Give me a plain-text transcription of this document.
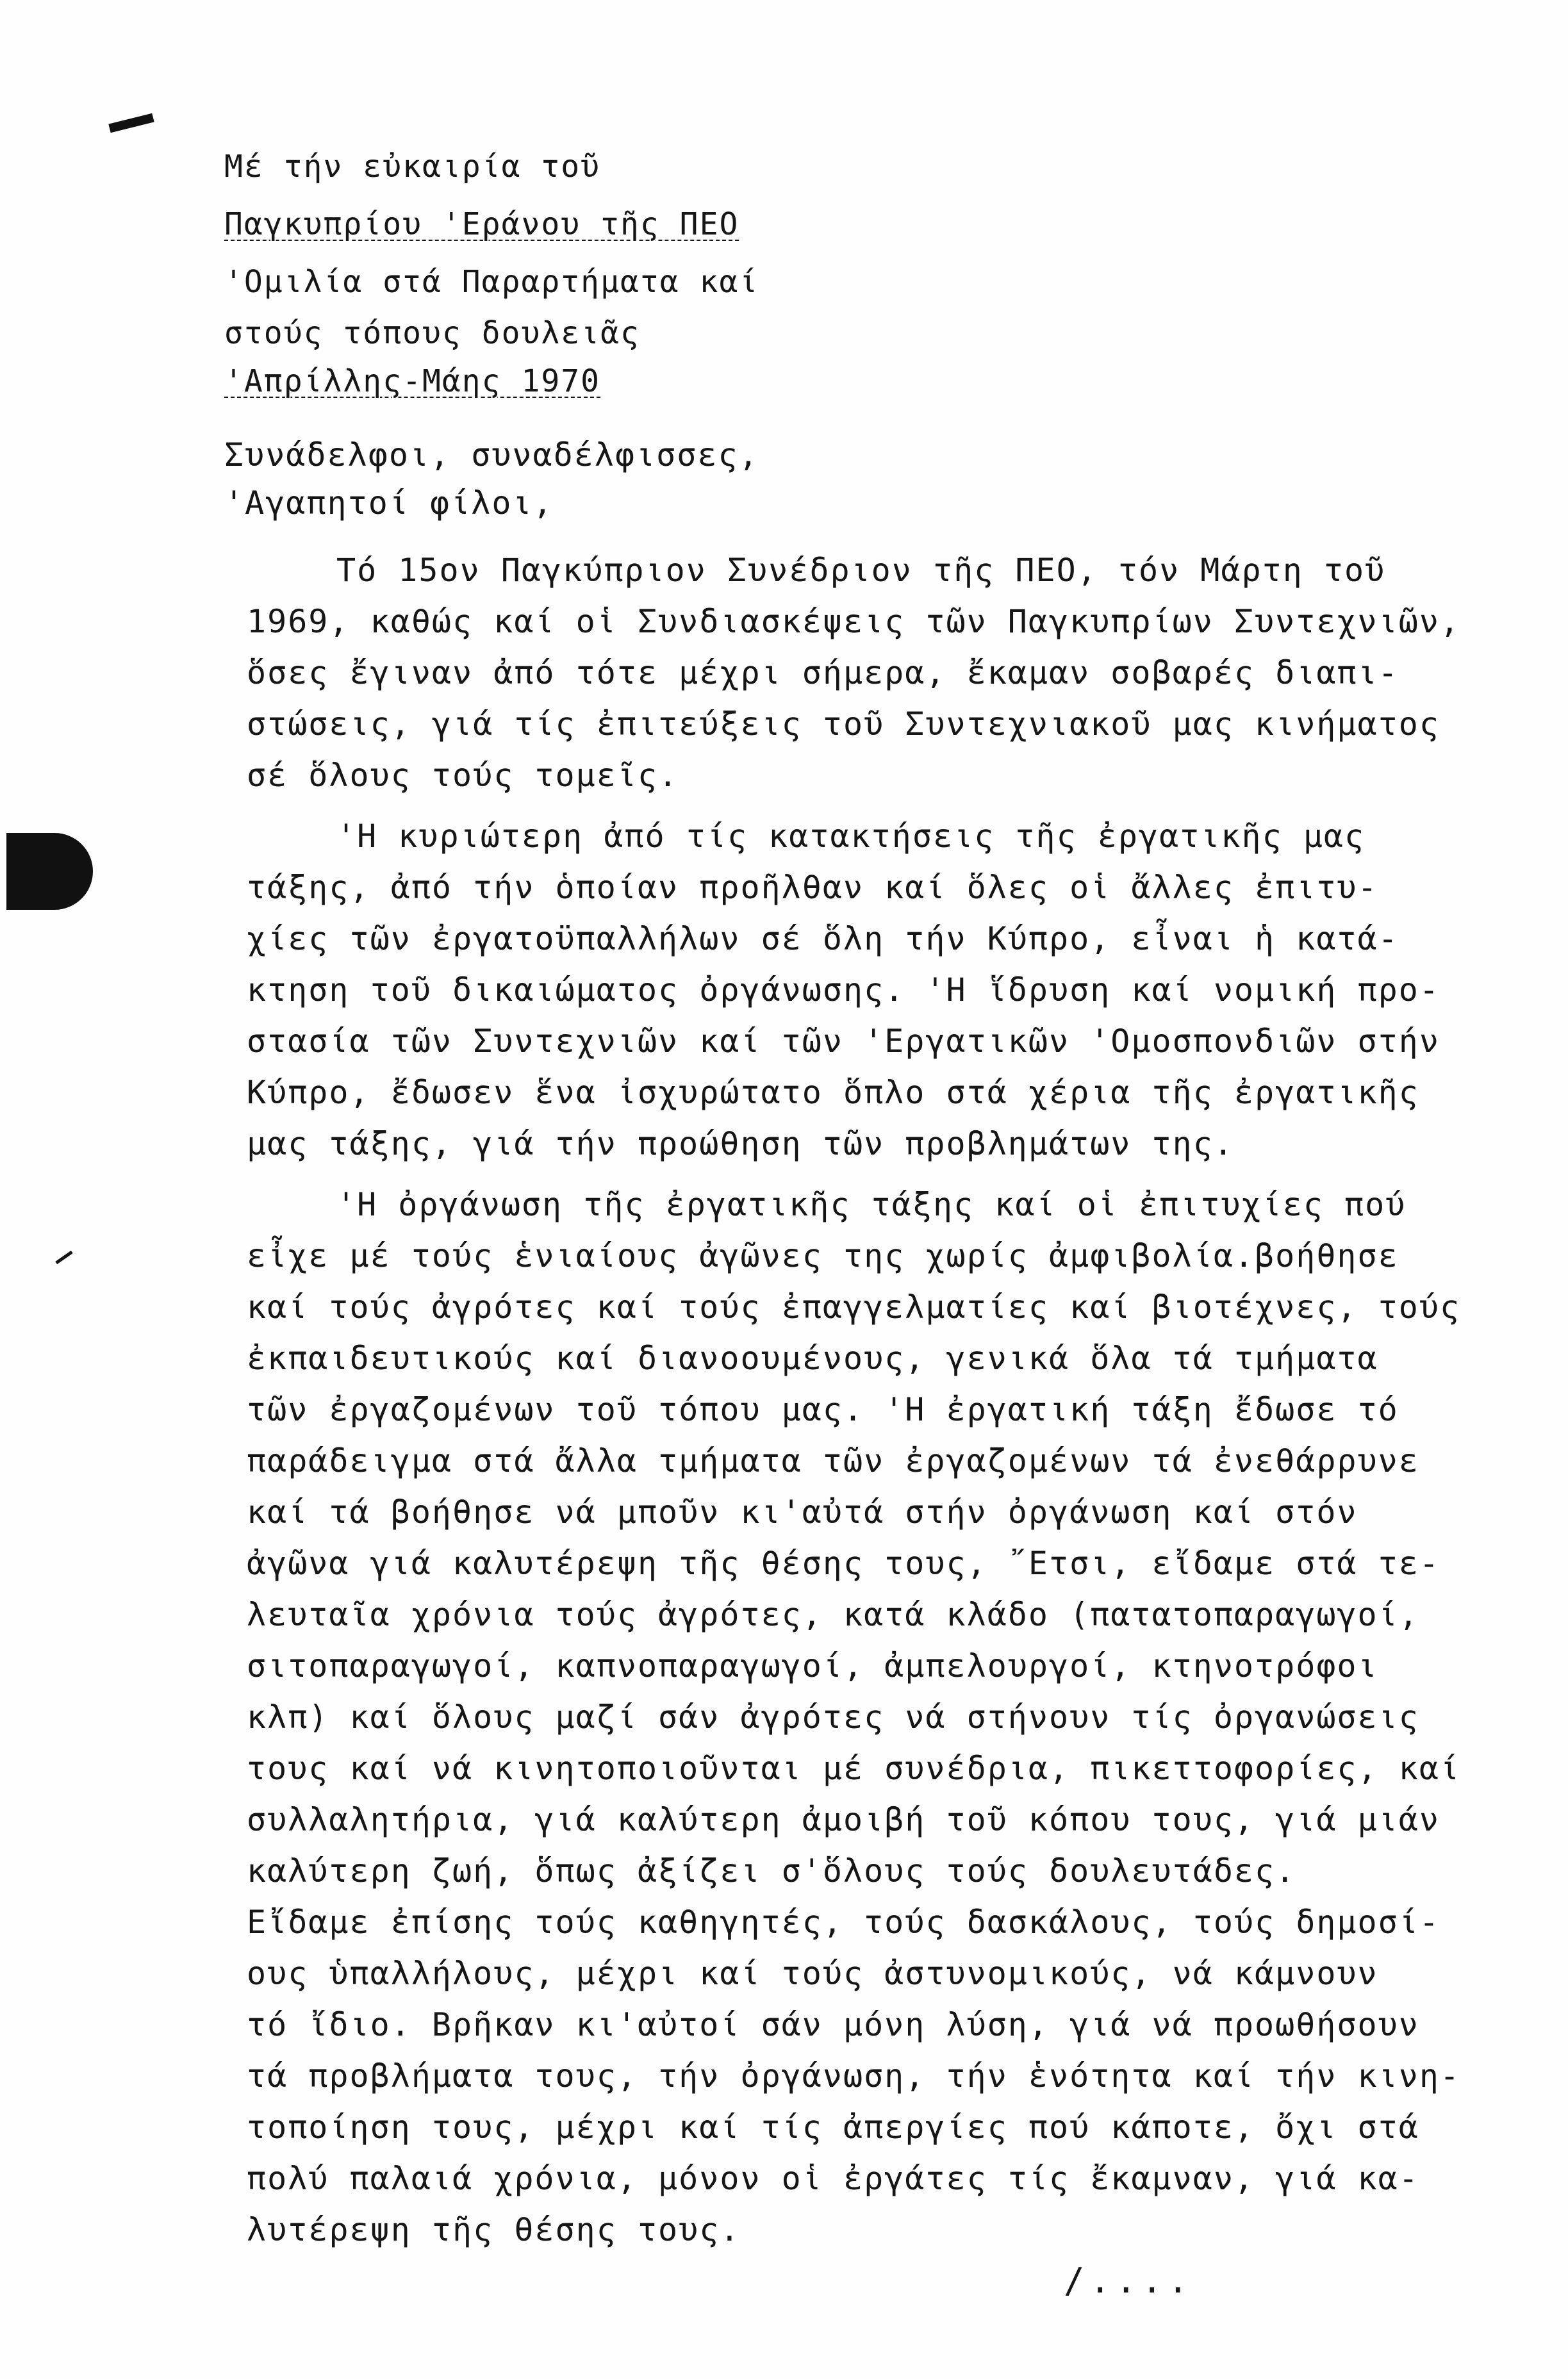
Μέ τήν εὐκαιρία τοῦ
Παγκυπρίου 'Εράνου τῆς ΠΕΟ
'Ομιλία στά Παραρτήματα καί
στούς τόπους δουλειᾶς
'Απρίλλης-Μάης 1970
Συνάδελφοι, συναδέλφισσες,
'Αγαπητοί φίλοι,
Τό 15ον Παγκύπριον Συνέδριον τῆς ΠΕΟ, τόν Μάρτη τοῦ
1969, καθώς καί οἱ Συνδιασκέψεις τῶν Παγκυπρίων Συντεχνιῶν,
ὅσες ἔγιναν ἀπό τότε μέχρι σήμερα, ἔκαμαν σοβαρές διαπι-
στώσεις, γιά τίς ἐπιτεύξεις τοῦ Συντεχνιακοῦ μας κινήματος
σέ ὅλους τούς τομεῖς.
'Η κυριώτερη ἀπό τίς κατακτήσεις τῆς ἐργατικῆς μας
τάξης, ἀπό τήν ὁποίαν προῆλθαν καί ὅλες οἱ ἄλλες ἐπιτυ-
χίες τῶν ἐργατοϋπαλλήλων σέ ὅλη τήν Κύπρο, εἶναι ἡ κατά-
κτηση τοῦ δικαιώματος ὀργάνωσης. 'Η ἵδρυση καί νομική προ-
στασία τῶν Συντεχνιῶν καί τῶν 'Εργατικῶν 'Ομοσπονδιῶν στήν
Κύπρο, ἔδωσεν ἕνα ἰσχυρώτατο ὅπλο στά χέρια τῆς ἐργατικῆς
μας τάξης, γιά τήν προώθηση τῶν προβλημάτων της.
'Η ὀργάνωση τῆς ἐργατικῆς τάξης καί οἱ ἐπιτυχίες πού
εἶχε μέ τούς ἑνιαίους ἀγῶνες της χωρίς ἀμφιβολία.βοήθησε
καί τούς ἀγρότες καί τούς ἐπαγγελματίες καί βιοτέχνες, τούς
ἐκπαιδευτικούς καί διανοουμένους, γενικά ὅλα τά τμήματα
τῶν ἐργαζομένων τοῦ τόπου μας. 'Η ἐργατική τάξη ἔδωσε τό
παράδειγμα στά ἄλλα τμήματα τῶν ἐργαζομένων τά ἐνεθάρρυνε
καί τά βοήθησε νά μποῦν κι'αὐτά στήν ὀργάνωση καί στόν
ἀγῶνα γιά καλυτέρεψη τῆς θέσης τους, ῎Ετσι, εἴδαμε στά τε-
λευταῖα χρόνια τούς ἀγρότες, κατά κλάδο (πατατοπαραγωγοί,
σιτοπαραγωγοί, καπνοπαραγωγοί, ἀμπελουργοί, κτηνοτρόφοι
κλπ) καί ὅλους μαζί σάν ἀγρότες νά στήνουν τίς ὀργανώσεις
τους καί νά κινητοποιοῦνται μέ συνέδρια, πικεττοφορίες, καί
συλλαλητήρια, γιά καλύτερη ἀμοιβή τοῦ κόπου τους, γιά μιάν
καλύτερη ζωή, ὅπως ἀξίζει σ'ὅλους τούς δουλευτάδες.
Εἴδαμε ἐπίσης τούς καθηγητές, τούς δασκάλους, τούς δημοσί-
ους ὑπαλλήλους, μέχρι καί τούς ἀστυνομικούς, νά κάμνουν
τό ἴδιο. Βρῆκαν κι'αὐτοί σάν μόνη λύση, γιά νά προωθήσουν
τά προβλήματα τους, τήν ὀργάνωση, τήν ἑνότητα καί τήν κινη-
τοποίηση τους, μέχρι καί τίς ἀπεργίες πού κάποτε, ὄχι στά
πολύ παλαιά χρόνια, μόνον οἱ ἐργάτες τίς ἔκαμναν, γιά κα-
λυτέρεψη τῆς θέσης τους.
/....
